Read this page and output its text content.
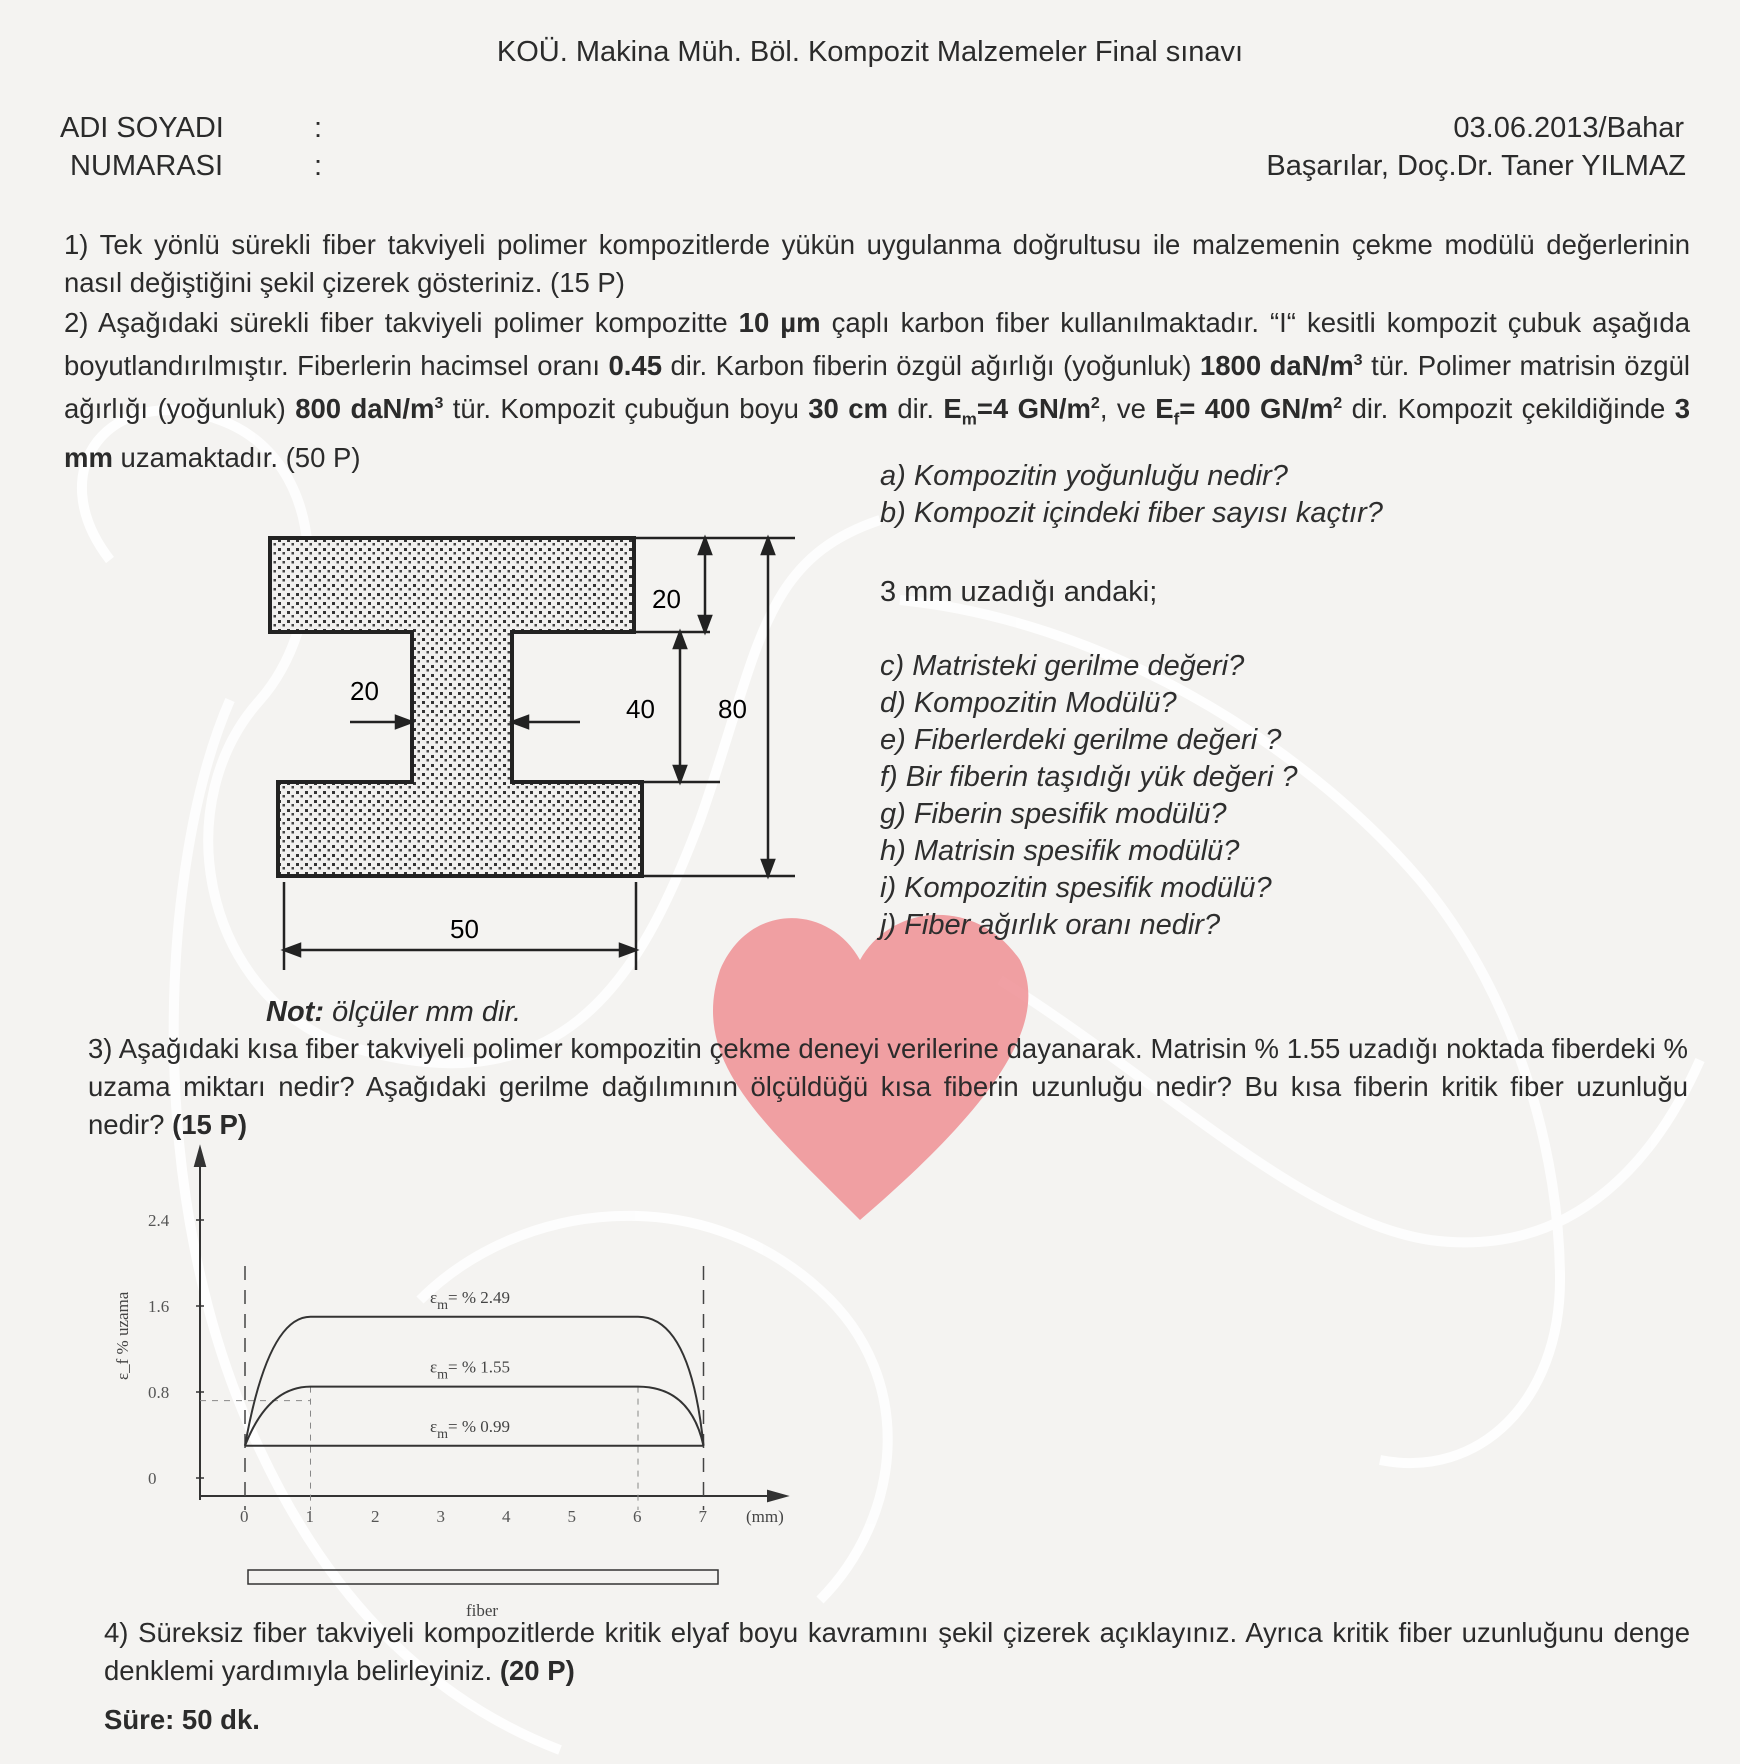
KOÜ. Makina Müh. Böl. Kompozit Malzemeler Final sınavı
ADI SOYADI
NUMARASI
:
:
03.06.2013/Bahar
Başarılar, Doç.Dr. Taner YILMAZ
1) Tek yönlü sürekli fiber takviyeli polimer kompozitlerde yükün uygulanma doğrultusu ile malzemenin çekme modülü değerlerinin nasıl değiştiğini şekil çizerek gösteriniz. (15 P)
2) Aşağıdaki sürekli fiber takviyeli polimer kompozitte 10 µm çaplı karbon fiber kullanılmaktadır. “I“ kesitli kompozit çubuk aşağıda boyutlandırılmıştır. Fiberlerin hacimsel oranı 0.45 dir. Karbon fiberin özgül ağırlığı (yoğunluk) 1800 daN/$m^3$ tür. Polimer matrisin özgül ağırlığı (yoğunluk) 800 daN/$m^3$ tür. Kompozit çubuğun boyu 30 cm dir. $E_m=4$ $GN/m^2$, ve $E_f= 400$ $GN/m^2$ dir. Kompozit çekildiğinde 3 mm uzamaktadır. (50 P)
a) Kompozitin yoğunluğu nedir?
b) Kompozit içindeki fiber sayısı kaçtır?
3 mm uzadığı andaki;
c) Matristeki gerilme değeri?
d) Kompozitin Modülü?
e) Fiberlerdeki gerilme değeri ?
f) Bir fiberin taşıdığı yük değeri ?
g) Fiberin spesifik modülü?
h) Matrisin spesifik modülü?
i) Kompozitin spesifik modülü?
j) Fiber ağırlık oranı nedir?
20
20
40 80
50
Not: ölçüler mm dir.
3) Aşağıdaki kısa fiber takviyeli polimer kompozitin çekme deneyi verilerine dayanarak. Matrisin % 1.55 uzadığı noktada fiberdeki % uzama miktarı nedir? Aşağıdaki gerilme dağılımının ölçüldüğü kısa fiberin uzunluğu nedir? Bu kısa fiberin kritik fiber uzunluğu nedir? (15 P)
ε_f % uzama
(mm)
fiber
0
0.8
1.6
2.4
0	1	2	3	4	5	6	7
$\varepsilon_m=$ % 2.49
$\varepsilon_m=$ % 1.55
$\varepsilon_m=$ % 0.99
4) Süreksiz fiber takviyeli kompozitlerde kritik elyaf boyu kavramını şekil çizerek açıklayınız. Ayrıca kritik fiber uzunluğunu denge denklemi yardımıyla belirleyiniz. (20 P)
Süre: 50 dk.
